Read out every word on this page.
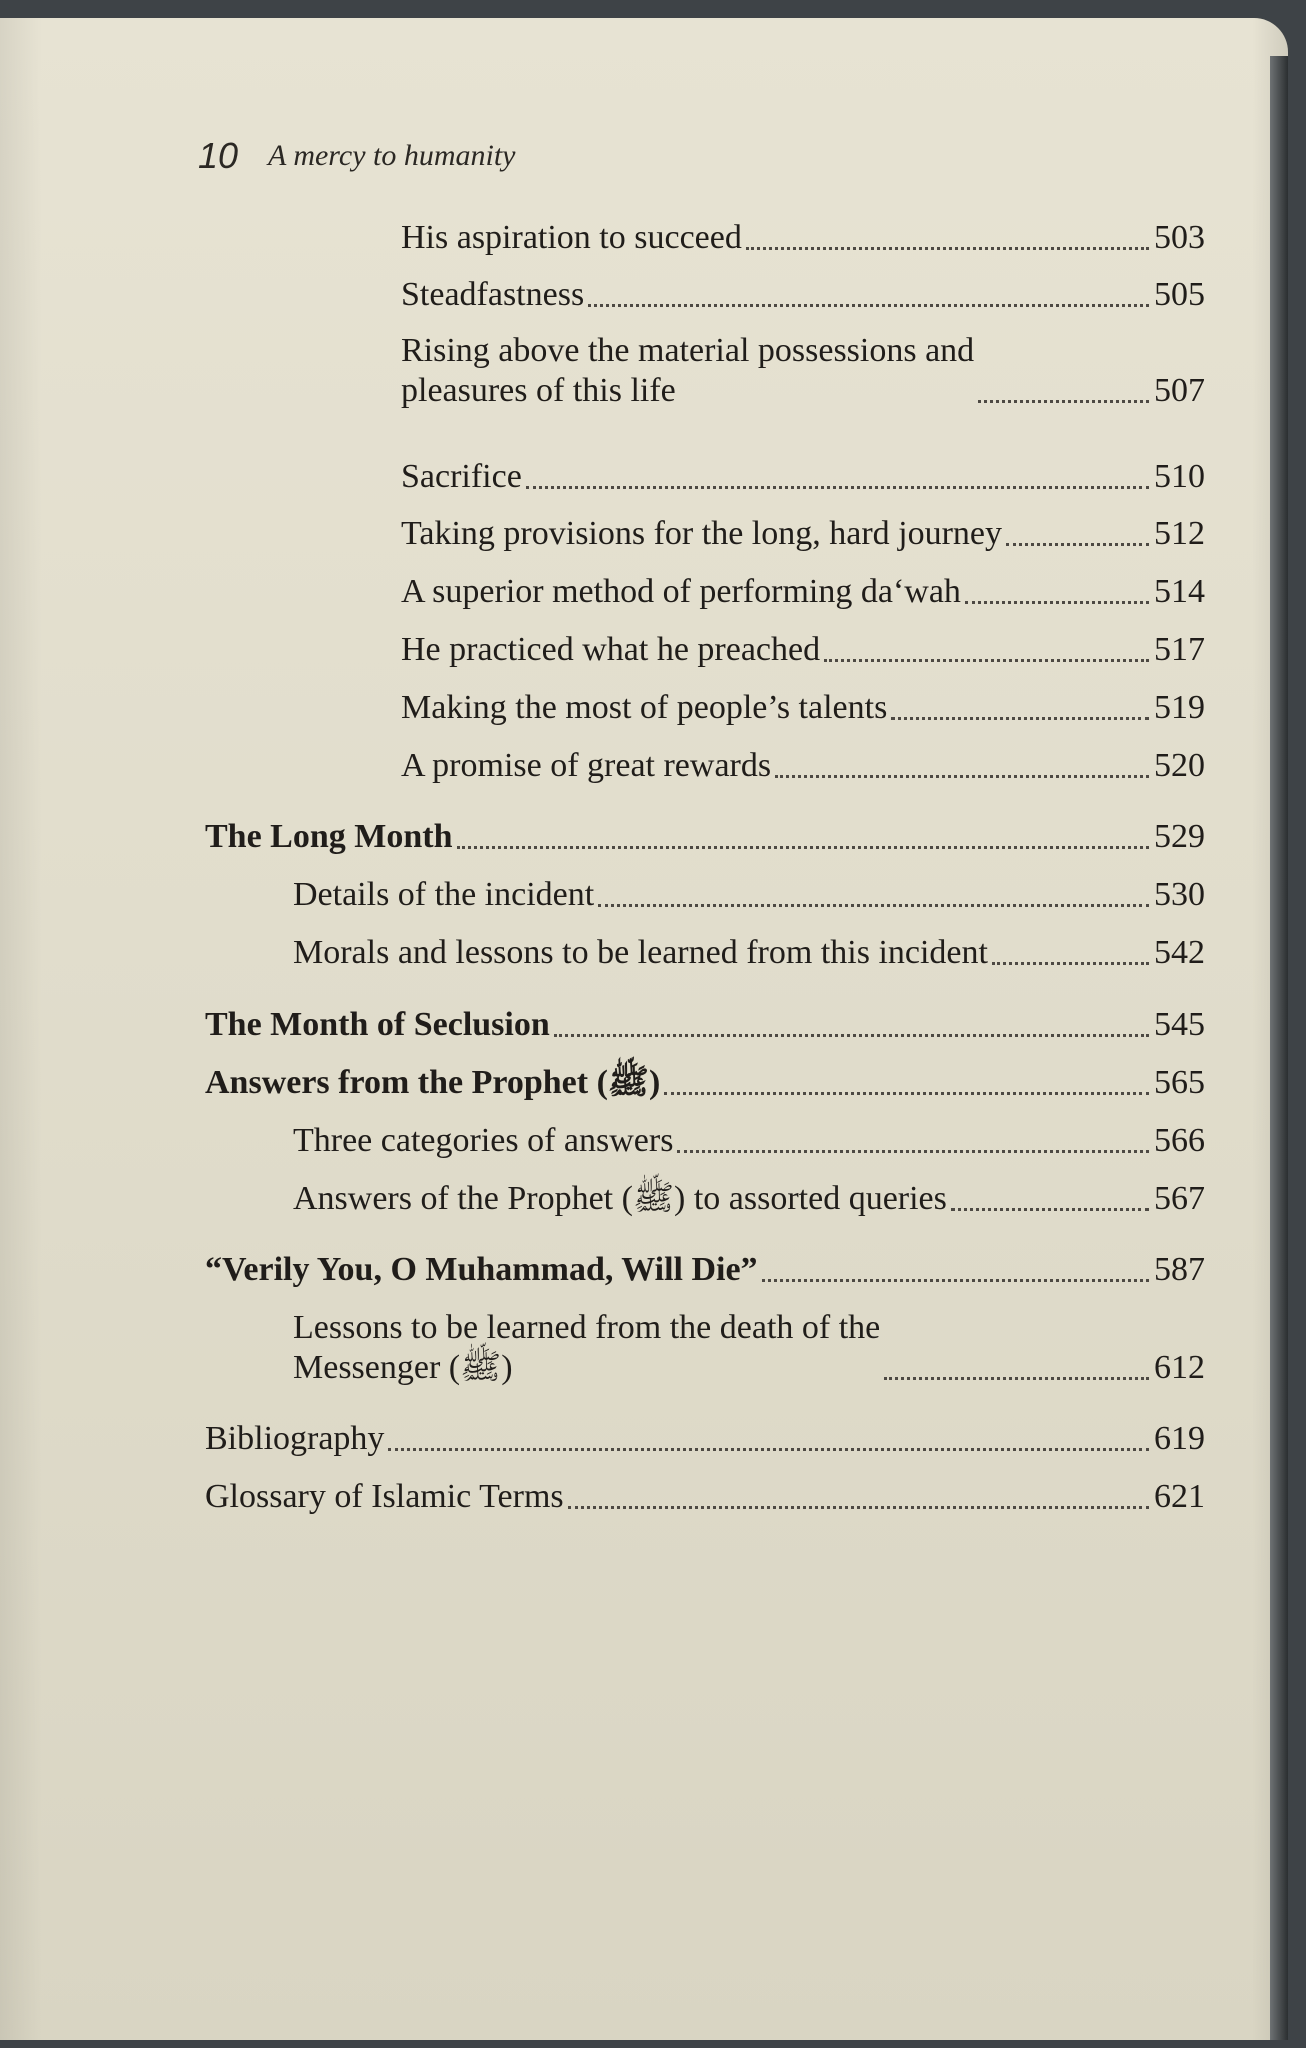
10 A mercy to humanity
His aspiration to succeed	503
Steadfastness	505
Rising above the material possessions and
pleasures of this life	507
Sacrifice	510
Taking provisions for the long, hard journey	512
A superior method of performing da‘wah	514
He practiced what he preached	517
Making the most of people’s talents	519
A promise of great rewards	520
The Long Month	529
Details of the incident	530
Morals and lessons to be learned from this incident	542
The Month of Seclusion	545
Answers from the Prophet (ﷺ)	565
Three categories of answers	566
Answers of the Prophet (ﷺ) to assorted queries	567
“Verily You, O Muhammad, Will Die”	587
Lessons to be learned from the death of the
Messenger (ﷺ)	612
Bibliography	619
Glossary of Islamic Terms	621
